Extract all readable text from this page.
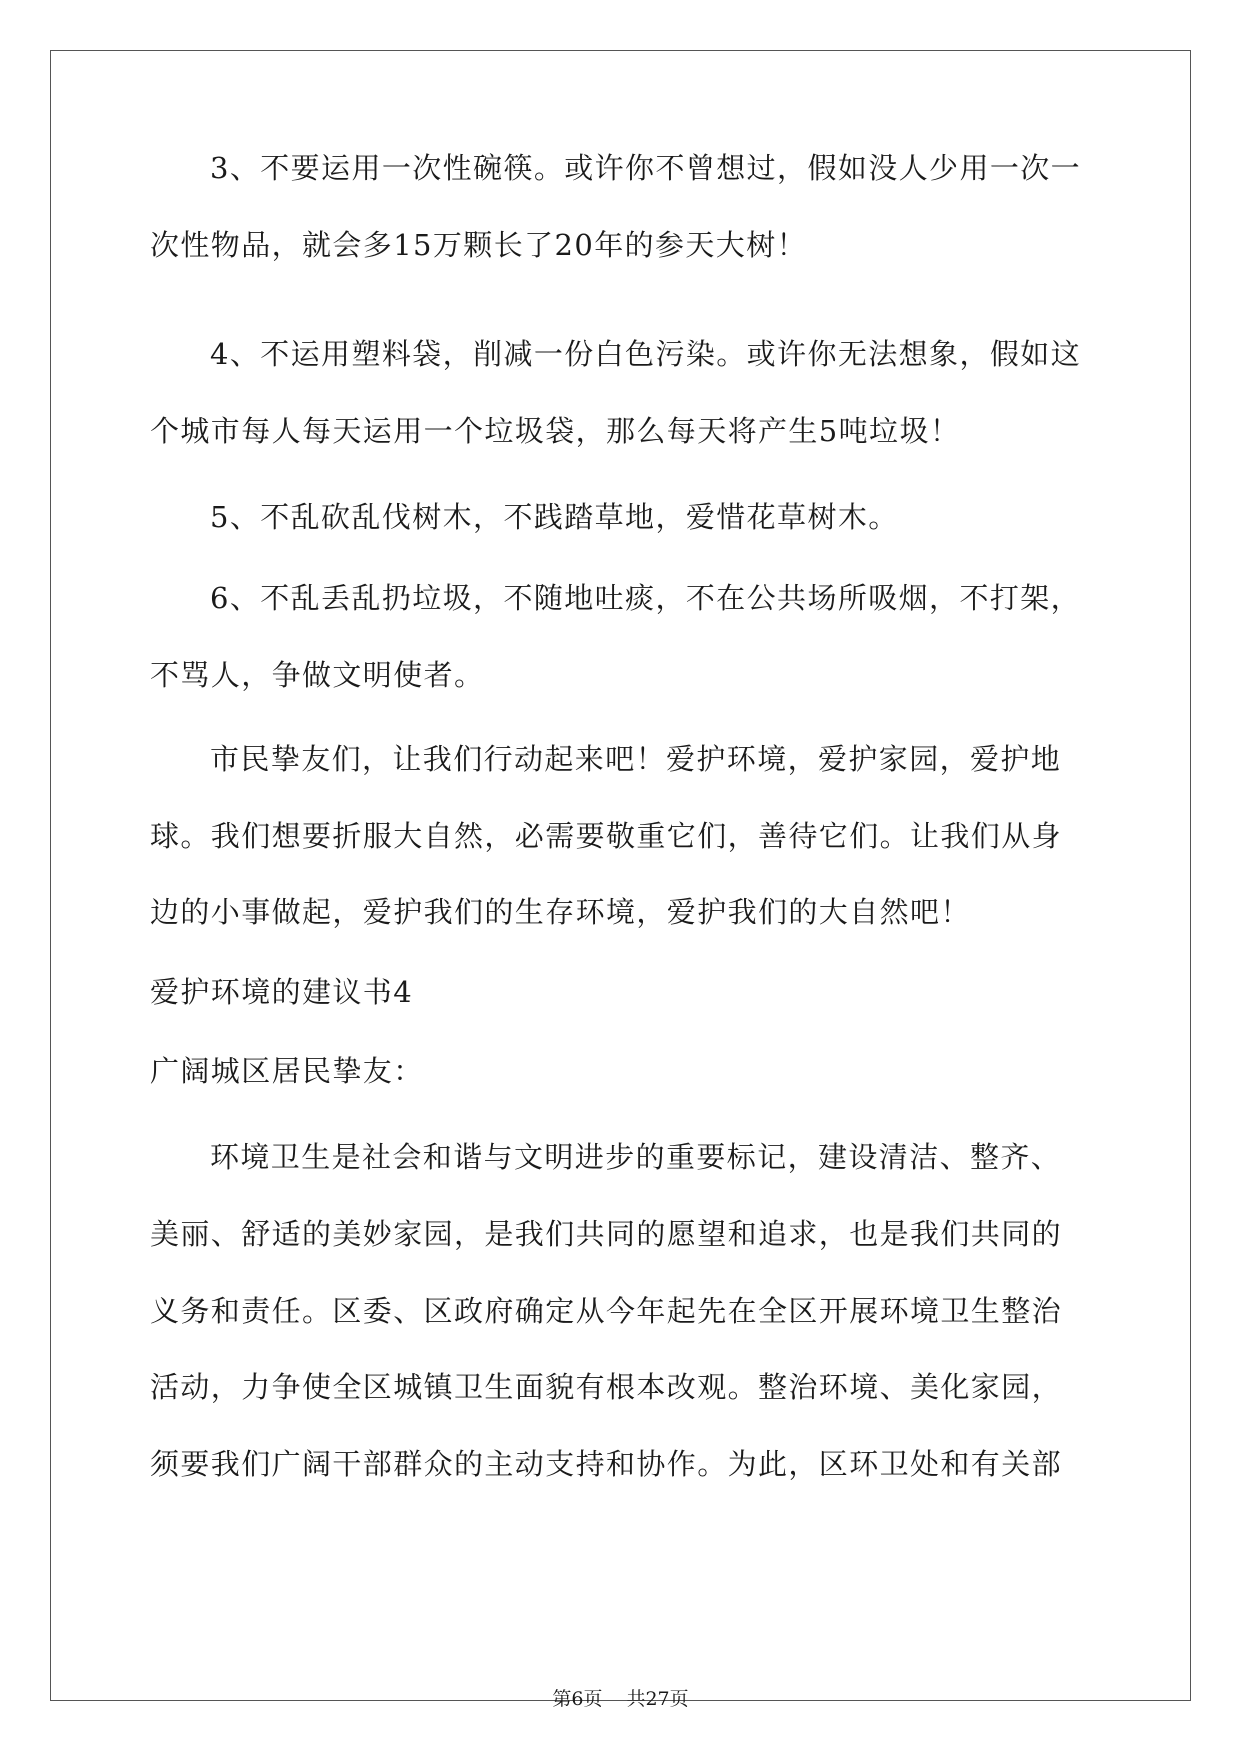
3、不要运用一次性碗筷。或许你不曾想过，假如没人少用一次一

次性物品，就会多15万颗长了20年的参天大树！

4、不运用塑料袋，削减一份白色污染。或许你无法想象，假如这

个城市每人每天运用一个垃圾袋，那么每天将产生5吨垃圾！

5、不乱砍乱伐树木，不践踏草地，爱惜花草树木。

6、不乱丢乱扔垃圾，不随地吐痰，不在公共场所吸烟，不打架，

不骂人，争做文明使者。

市民挚友们，让我们行动起来吧！爱护环境，爱护家园，爱护地

球。我们想要折服大自然，必需要敬重它们，善待它们。让我们从身

边的小事做起，爱护我们的生存环境，爱护我们的大自然吧！

爱护环境的建议书4

广阔城区居民挚友：

环境卫生是社会和谐与文明进步的重要标记，建设清洁、整齐、

美丽、舒适的美妙家园，是我们共同的愿望和追求，也是我们共同的

义务和责任。区委、区政府确定从今年起先在全区开展环境卫生整治

活动，力争使全区城镇卫生面貌有根本改观。整治环境、美化家园，

须要我们广阔干部群众的主动支持和协作。为此，区环卫处和有关部

第6页 共27页
